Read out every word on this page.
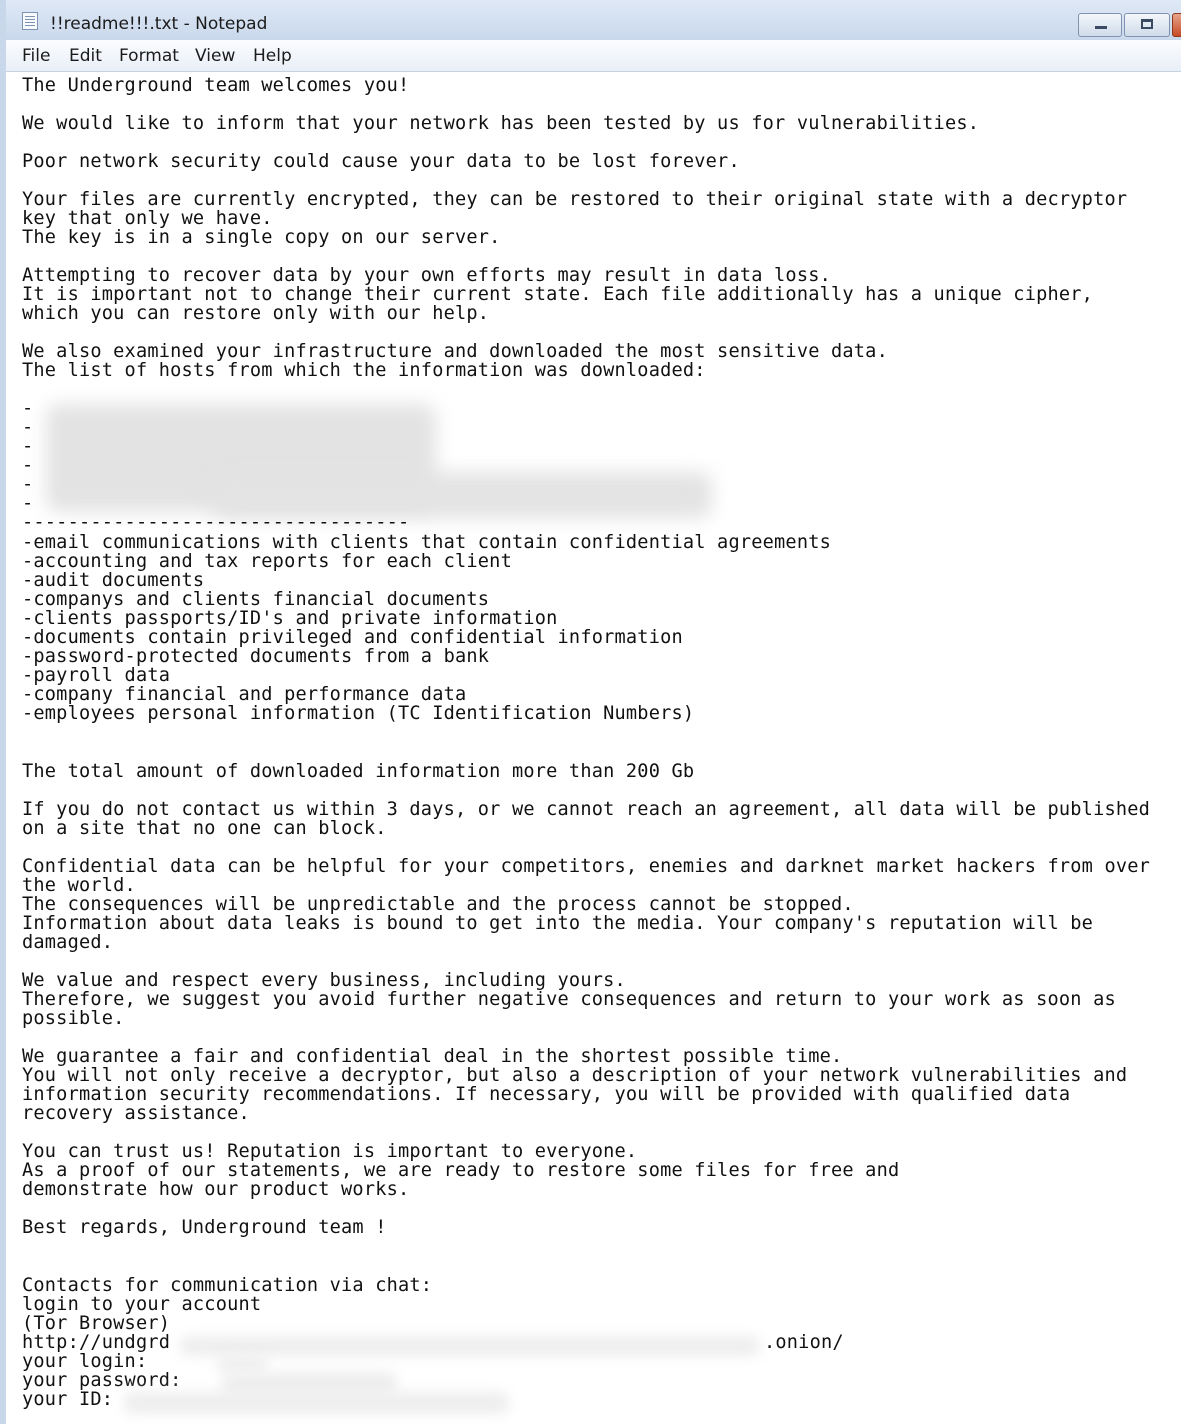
!!readme!!!.txt - Notepad
File Edit Format View Help
The Underground team welcomes you!
We would like to inform that your network has been tested by us for vulnerabilities.
Poor network security could cause your data to be lost forever.
Your files are currently encrypted, they can be restored to their original state with a decryptor
key that only we have.
The key is in a single copy on our server.
Attempting to recover data by your own efforts may result in data loss.
It is important not to change their current state. Each file additionally has a unique cipher,
which you can restore only with our help.
We also examined your infrastructure and downloaded the most sensitive data.
The list of hosts from which the information was downloaded:
-
-
-
-
-
-
----------------------------------
-email communications with clients that contain confidential agreements
-accounting and tax reports for each client
-audit documents
-companys and clients financial documents
-clients passports/ID's and private information
-documents contain privileged and confidential information
-password-protected documents from a bank
-payroll data
-company financial and performance data
-employees personal information (TC Identification Numbers)
The total amount of downloaded information more than 200 Gb
If you do not contact us within 3 days, or we cannot reach an agreement, all data will be published
on a site that no one can block.
Confidential data can be helpful for your competitors, enemies and darknet market hackers from over
the world.
The consequences will be unpredictable and the process cannot be stopped.
Information about data leaks is bound to get into the media. Your company's reputation will be
damaged.
We value and respect every business, including yours.
Therefore, we suggest you avoid further negative consequences and return to your work as soon as
possible.
We guarantee a fair and confidential deal in the shortest possible time.
You will not only receive a decryptor, but also a description of your network vulnerabilities and
information security recommendations. If necessary, you will be provided with qualified data
recovery assistance.
You can trust us! Reputation is important to everyone.
As a proof of our statements, we are ready to restore some files for free and
demonstrate how our product works.
Best regards, Underground team !
Contacts for communication via chat:
login to your account
(Tor Browser)
http://undgrd	.onion/
your login:
your password:
your ID:
